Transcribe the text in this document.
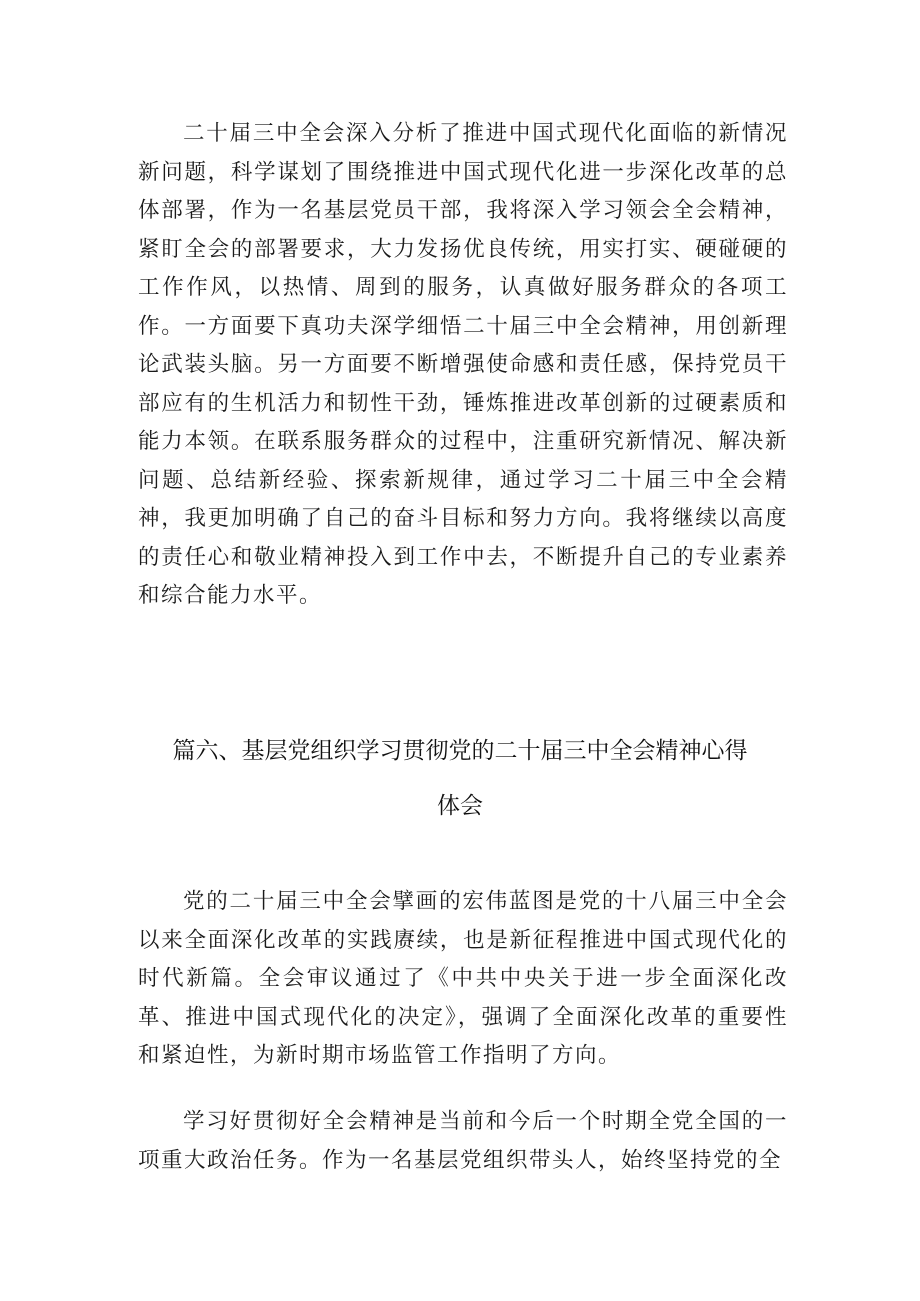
二十届三中全会深入分析了推进中国式现代化面临的新情况新问题，科学谋划了围绕推进中国式现代化进一步深化改革的总体部署，作为一名基层党员干部，我将深入学习领会全会精神，紧盯全会的部署要求，大力发扬优良传统，用实打实、硬碰硬的工作作风，以热情、周到的服务，认真做好服务群众的各项工作。一方面要下真功夫深学细悟二十届三中全会精神，用创新理论武装头脑。另一方面要不断增强使命感和责任感，保持党员干部应有的生机活力和韧性干劲，锤炼推进改革创新的过硬素质和能力本领。在联系服务群众的过程中，注重研究新情况、解决新问题、总结新经验、探索新规律，通过学习二十届三中全会精神，我更加明确了自己的奋斗目标和努力方向。我将继续以高度的责任心和敬业精神投入到工作中去，不断提升自己的专业素养和综合能力水平。

篇六、基层党组织学习贯彻党的二十届三中全会精神心得

体会

党的二十届三中全会擘画的宏伟蓝图是党的十八届三中全会以来全面深化改革的实践赓续，也是新征程推进中国式现代化的时代新篇。全会审议通过了《中共中央关于进一步全面深化改革、推进中国式现代化的决定》，强调了全面深化改革的重要性和紧迫性，为新时期市场监管工作指明了方向。

学习好贯彻好全会精神是当前和今后一个时期全党全国的一项重大政治任务。作为一名基层党组织带头人，始终坚持党的全
